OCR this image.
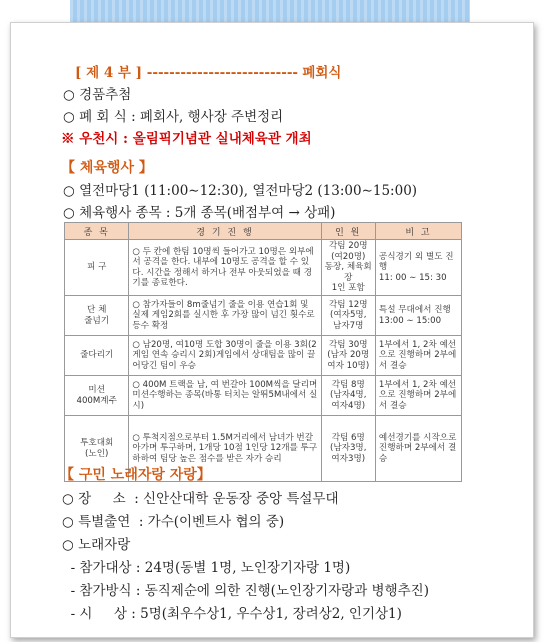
[ 제 4 부 ] --------------------------- 폐회식
○ 경품추첨
○ 폐 회 식 : 폐회사, 행사장 주변정리
※ 우천시 : 올림픽기념관 실내체육관 개최
【 체육행사 】
○ 열전마당1 (11:00∼12:30), 열전마당2 (13:00∼15:00)
○ 체육행사 종목 : 5개 종목(배점부여 → 상패)
종 목	경 기 진 행	인 원	비 고
피 구	○ 두 칸에 한팀 10명씩 들어가고 10명은 외부에서 공격을 한다. 내부에 10명도 공격을 할 수 있다. 시간을 정해서 하거나 전부 아웃되었을 때 경기를 종료한다.	각팀 20명
(여20명)
동장, 체육회장
1인 포함	공식경기 외 별도 진행
11: 00 ∼ 15: 30
단 체
줄넘기	○ 참가자들이 8m줄넘기 줄을 이용 연습1회 및 실제 게임2회를 실시한 후 가장 많이 넘긴 횟수로 등수 확정	각팀 12명
(여자5명,
남자7명	특설 무대에서 진행
13:00 ∼ 15:00
줄다리기	○ 남20명, 여10명 도합 30명이 줄을 이용 3회(2게임 연속 승리시 2회)게임에서 상대팀을 많이 끌어당긴 팀이 우승	각팀 30명
(남자 20명
여자 10명)	1부에서 1, 2차 예선으로 진행하며 2부에서 결승
미션
400M계주	○ 400M 트랙을 남, 여 번갈아 100M씩을 달리며 미션수행하는 종목(바통 터치는 알뛰5M내에서 실시)	각팀 8명
(남자4명,
여자4명)	1부에서 1, 2차 예선으로 진행하며 2부에서 결승
투호대회
(노인)	○ 투척지점으로부터 1.5M거리에서 남녀가 번갈아가며 투구하며, 1개당 10점 1인당 12개를 투구하하여 팀당 높은 점수를 받은 자가 승리	각팀 6명
(남자3명,
여자3명)	예선경기를 시작으로 진행하며 2부에서 결승
【 구민 노래자랑 자랑】
○ 장     소  : 신안산대학 운동장 중앙 특설무대
○ 특별출연  : 가수(이벤트사 협의 중)
○ 노래자랑
- 참가대상 : 24명(동별 1명, 노인장기자랑 1명)
- 참가방식 : 동직제순에 의한 진행(노인장기자랑과 병행추진)
- 시     상 : 5명(최우수상1, 우수상1, 장려상2, 인기상1)
